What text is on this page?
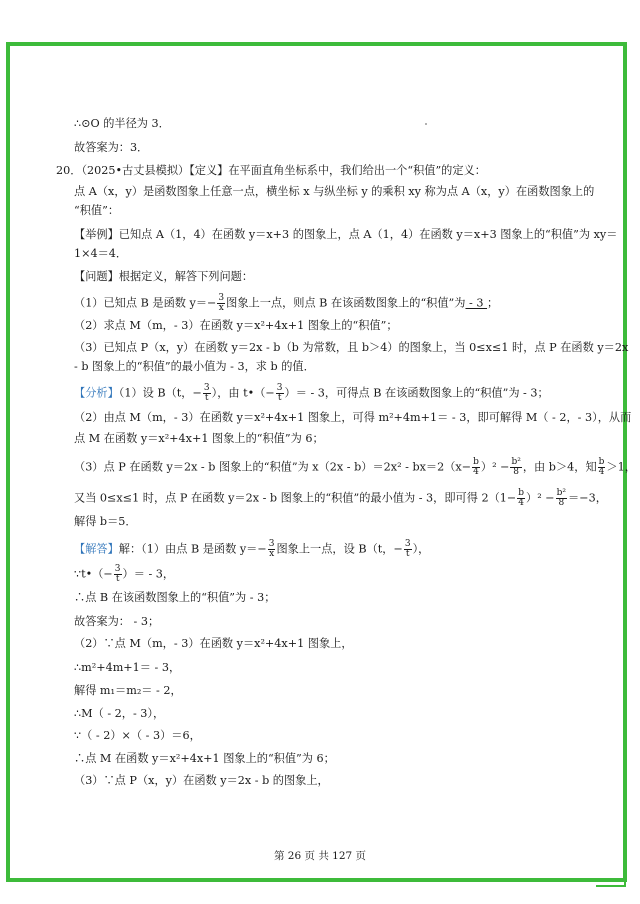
∴⊙O 的半径为 3．
故答案为：3．
20．（2025•古丈县模拟）【定义】在平面直角坐标系中，我们给出一个“积值”的定义：
点 A（x，y）是函数图象上任意一点，横坐标 x 与纵坐标 y 的乘积 xy 称为点 A（x，y）在函数图象上的
“积值”：
【举例】已知点 A（1，4）在函数 y＝x+3 的图象上，点 A（1，4）在函数 y＝x+3 图象上的“积值”为 xy＝
1×4＝4．
【问题】根据定义，解答下列问题：
（1）已知点 B 是函数 $y=- \frac{3}{x}$ 图象上一点，则点 B 在该函数图象上的“积值”为 - 3 ；
（2）求点 M（m，- 3）在函数 y＝x²+4x+1 图象上的“积值”；
（3）已知点 P（x，y）在函数 y＝2x - b（b 为常数，且 b＞4）的图象上，当 0≤x≤1 时，点 P 在函数 y＝2x
- b 图象上的“积值”的最小值为 - 3，求 b 的值．
【分析】（1）设 B（t，− $\frac{3}{t}$ ），由 t•（− $\frac{3}{t}$ ）＝ - 3，可得点 B 在该函数图象上的“积值”为 - 3；
（2）由点 M（m，- 3）在函数 y＝x²+4x+1 图象上，可得 m²+4m+1＝ - 3，即可解得 M（ - 2，- 3），从而
点 M 在函数 y＝x²+4x+1 图象上的“积值”为 6；
（3）点 P 在函数 y＝2x - b 图象上的“积值”为 $x(2x - b)=2x^2 - bx=2(x- \frac{b}{4} )^2 - \frac{\text{b²}}{8}$ ，由 b＞4，知 $\frac{b}{4} >1$，
又当 0≤x≤1 时，点 P 在函数 y＝2x - b 图象上的“积值”的最小值为 - 3，即可得 $2(1- \frac{b}{4} )^2 - \frac{\text{b²}}{8} =-3$，
解得 b＝5．
【解答】解：（1）由点 B 是函数 $y=- \frac{3}{x}$ 图象上一点，设 B（t，− $\frac{3}{t}$ ），
∵t•（− $\frac{3}{t}$ ）＝ - 3，
∴点 B 在该函数图象上的“积值”为 - 3；
故答案为： - 3；
（2）∵点 M（m，- 3）在函数 y＝x²+4x+1 图象上，
∴m²+4m+1＝ - 3，
解得 m₁＝m₂＝ - 2，
∴M（ - 2，- 3），
∵（ - 2）×（ - 3）＝6，
∴点 M 在函数 y＝x²+4x+1 图象上的“积值”为 6；
（3）∵点 P（x，y）在函数 y＝2x - b 的图象上，
第 26 页 共 127 页
